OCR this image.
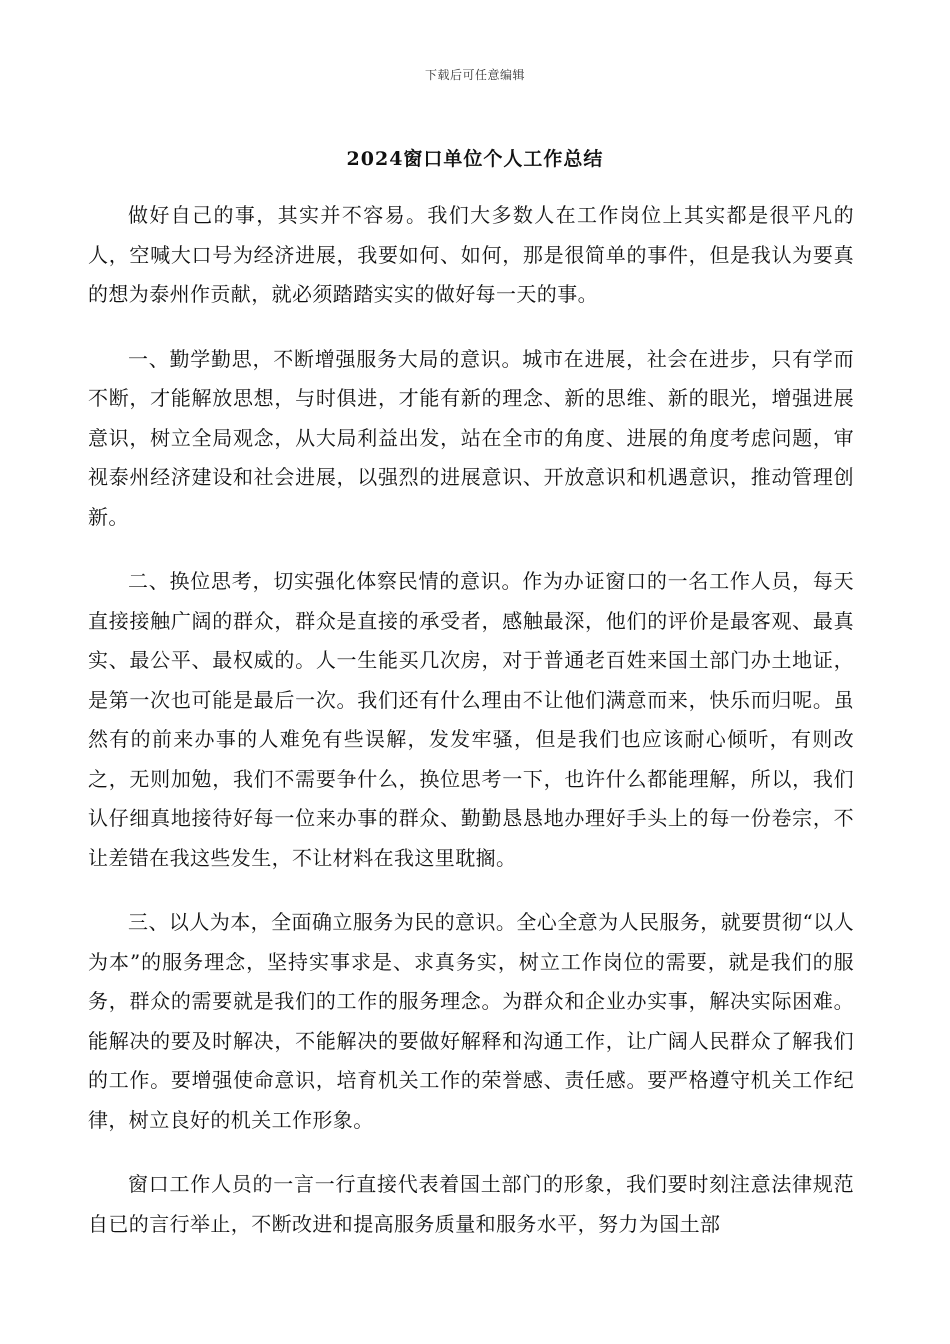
下载后可任意编辑
2024窗口单位个人工作总结

做好自己的事，其实并不容易。我们大多数人在工作岗位上其实都是很平凡的人，空喊大口号为经济进展，我要如何、如何，那是很简单的事件，但是我认为要真的想为泰州作贡献，就必须踏踏实实的做好每一天的事。

一、勤学勤思，不断增强服务大局的意识。城市在进展，社会在进步，只有学而不断，才能解放思想，与时俱进，才能有新的理念、新的思维、新的眼光，增强进展意识，树立全局观念，从大局利益出发，站在全市的角度、进展的角度考虑问题，审视泰州经济建设和社会进展，以强烈的进展意识、开放意识和机遇意识，推动管理创新。

二、换位思考，切实强化体察民情的意识。作为办证窗口的一名工作人员，每天直接接触广阔的群众，群众是直接的承受者，感触最深，他们的评价是最客观、最真实、最公平、最权威的。人一生能买几次房，对于普通老百姓来国土部门办土地证，是第一次也可能是最后一次。我们还有什么理由不让他们满意而来，快乐而归呢。虽然有的前来办事的人难免有些误解，发发牢骚，但是我们也应该耐心倾听，有则改之，无则加勉，我们不需要争什么，换位思考一下，也许什么都能理解，所以，我们认仔细真地接待好每一位来办事的群众、勤勤恳恳地办理好手头上的每一份卷宗，不让差错在我这些发生，不让材料在我这里耽搁。

三、以人为本，全面确立服务为民的意识。全心全意为人民服务，就要贯彻“以人为本”的服务理念，坚持实事求是、求真务实，树立工作岗位的需要，就是我们的服务，群众的需要就是我们的工作的服务理念。为群众和企业办实事，解决实际困难。能解决的要及时解决，不能解决的要做好解释和沟通工作，让广阔人民群众了解我们的工作。要增强使命意识，培育机关工作的荣誉感、责任感。要严格遵守机关工作纪律，树立良好的机关工作形象。

窗口工作人员的一言一行直接代表着国土部门的形象，我们要时刻注意法律规范自已的言行举止，不断改进和提高服务质量和服务水平，努力为国土部
